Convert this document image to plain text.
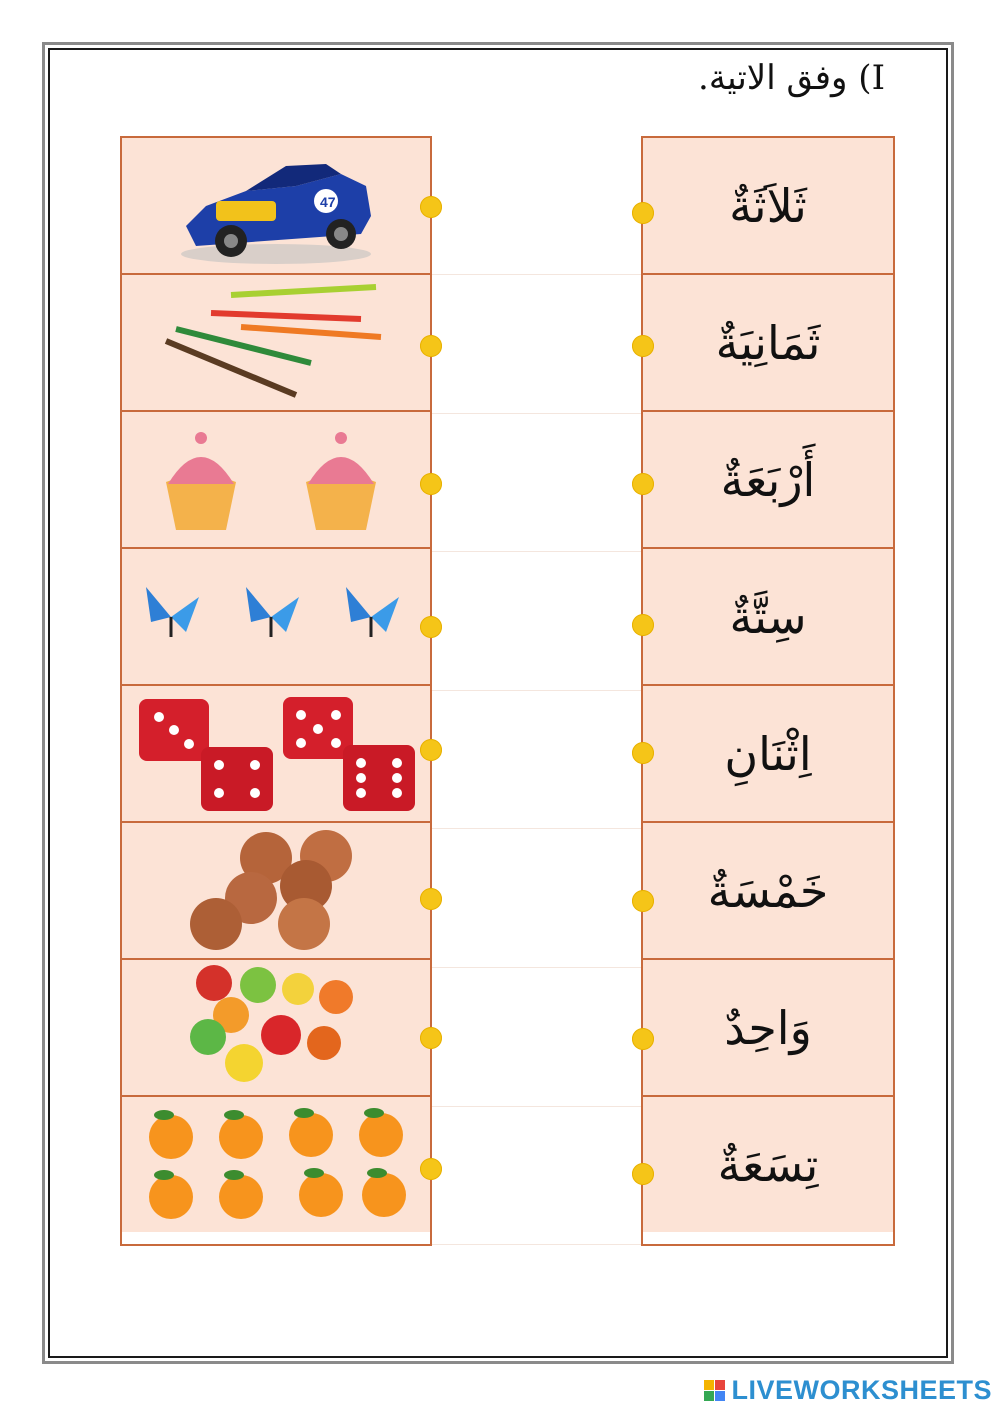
I) وفق الاتية.
47	ثَلاَثَةٌ
ثَمَانِيَةٌ
أَرْبَعَةٌ
سِتَّةٌ
اِثْنَانِ
خَمْسَةٌ
وَاحِدٌ
تِسَعَةٌ
LIVEWORKSHEETS
